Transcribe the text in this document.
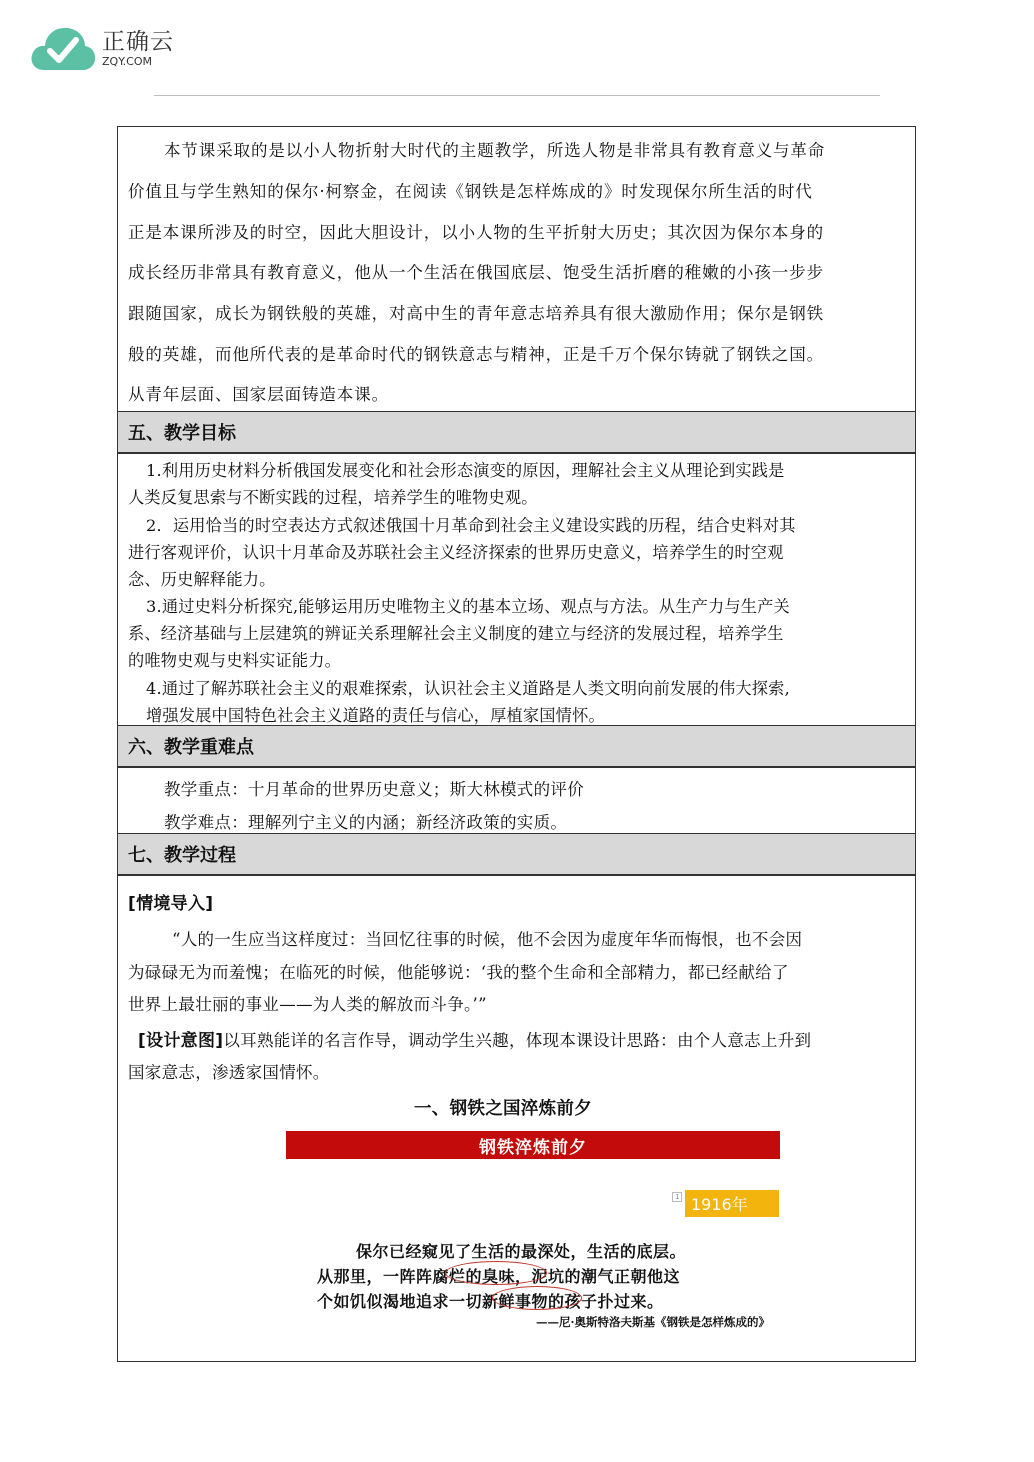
正确云
ZQY.COM
本节课采取的是以小人物折射大时代的主题教学，所选人物是非常具有教育意义与革命
价值且与学生熟知的保尔·柯察金，在阅读《钢铁是怎样炼成的》时发现保尔所生活的时代
正是本课所涉及的时空，因此大胆设计，以小人物的生平折射大历史；其次因为保尔本身的
成长经历非常具有教育意义，他从一个生活在俄国底层、饱受生活折磨的稚嫩的小孩一步步
跟随国家，成长为钢铁般的英雄，对高中生的青年意志培养具有很大激励作用；保尔是钢铁
般的英雄，而他所代表的是革命时代的钢铁意志与精神，正是千万个保尔铸就了钢铁之国。
从青年层面、国家层面铸造本课。
五、教学目标
1.利用历史材料分析俄国发展变化和社会形态演变的原因，理解社会主义从理论到实践是
人类反复思索与不断实践的过程，培养学生的唯物史观。
2．运用恰当的时空表达方式叙述俄国十月革命到社会主义建设实践的历程，结合史料对其
进行客观评价，认识十月革命及苏联社会主义经济探索的世界历史意义，培养学生的时空观
念、历史解释能力。
3.通过史料分析探究,能够运用历史唯物主义的基本立场、观点与方法。从生产力与生产关
系、经济基础与上层建筑的辨证关系理解社会主义制度的建立与经济的发展过程，培养学生
的唯物史观与史料实证能力。
4.通过了解苏联社会主义的艰难探索，认识社会主义道路是人类文明向前发展的伟大探索,
增强发展中国特色社会主义道路的责任与信心，厚植家国情怀。
六、教学重难点
教学重点：十月革命的世界历史意义；斯大林模式的评价
教学难点：理解列宁主义的内涵；新经济政策的实质。
七、教学过程
[情境导入]
“人的一生应当这样度过：当回忆往事的时候，他不会因为虚度年华而悔恨，也不会因
为碌碌无为而羞愧；在临死的时候，他能够说：‘我的整个生命和全部精力，都已经献给了
世界上最壮丽的事业——为人类的解放而斗争。’”
[设计意图]以耳熟能详的名言作导，调动学生兴趣，体现本课设计思路：由个人意志上升到
国家意志，渗透家国情怀。
一、钢铁之国淬炼前夕
钢铁淬炼前夕
1 1916年
保尔已经窥见了生活的最深处，生活的底层。
从那里，一阵阵腐烂的臭味，泥坑的潮气正朝他这
个如饥似渴地追求一切新鲜事物的孩子扑过来。
——尼·奥斯特洛夫斯基《钢铁是怎样炼成的》
